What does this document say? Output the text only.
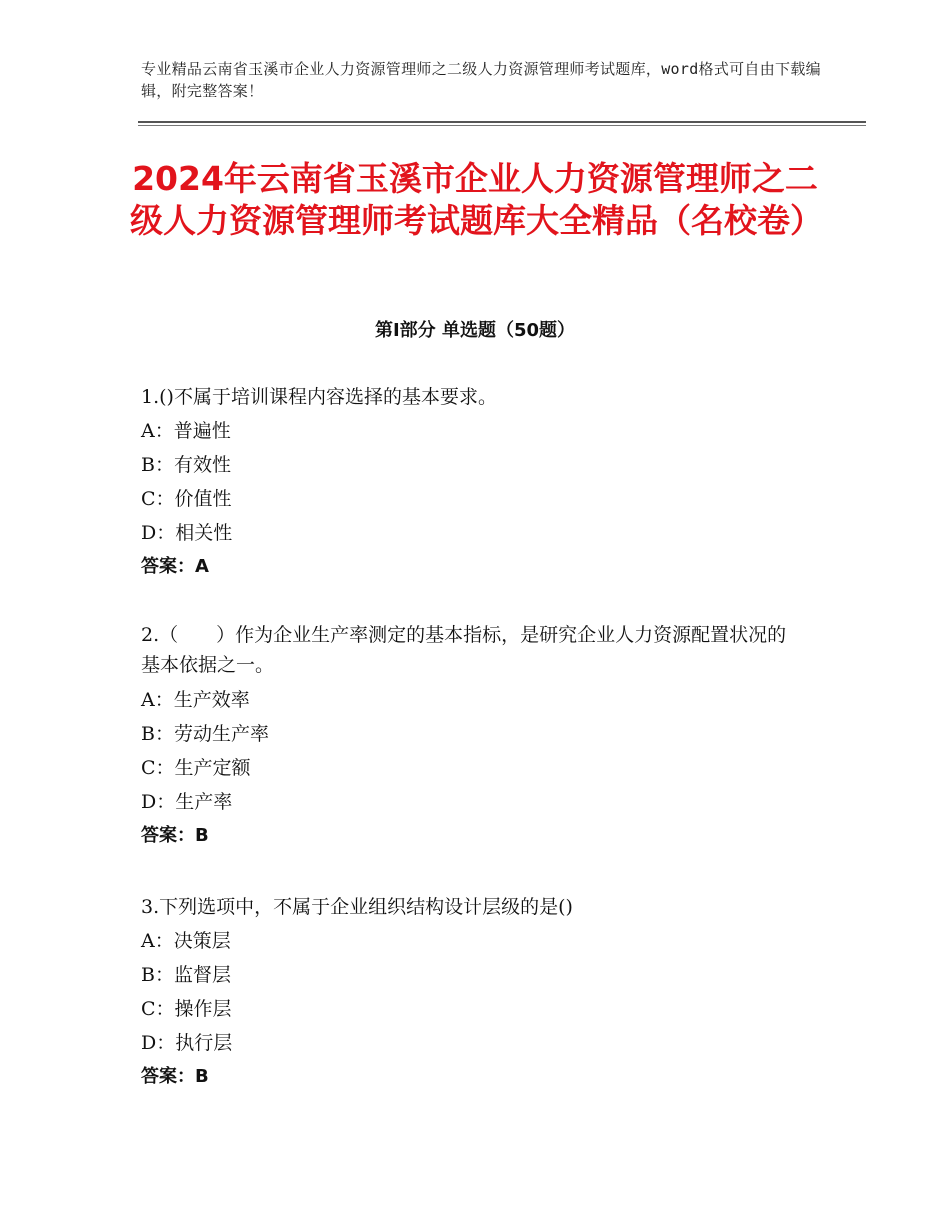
专业精品云南省玉溪市企业人力资源管理师之二级人力资源管理师考试题库，word格式可自由下载编辑，附完整答案！
2024年云南省玉溪市企业人力资源管理师之二级人力资源管理师考试题库大全精品（名校卷）
第Ⅰ部分 单选题（50题）

1.()不属于培训课程内容选择的基本要求。

A：普遍性

B：有效性

C：价值性

D：相关性

答案：A

2.（　　）作为企业生产率测定的基本指标，是研究企业人力资源配置状况的基本依据之一。

A：生产效率

B：劳动生产率

C：生产定额

D：生产率

答案：B

3.下列选项中，不属于企业组织结构设计层级的是()

A：决策层

B：监督层

C：操作层

D：执行层

答案：B
